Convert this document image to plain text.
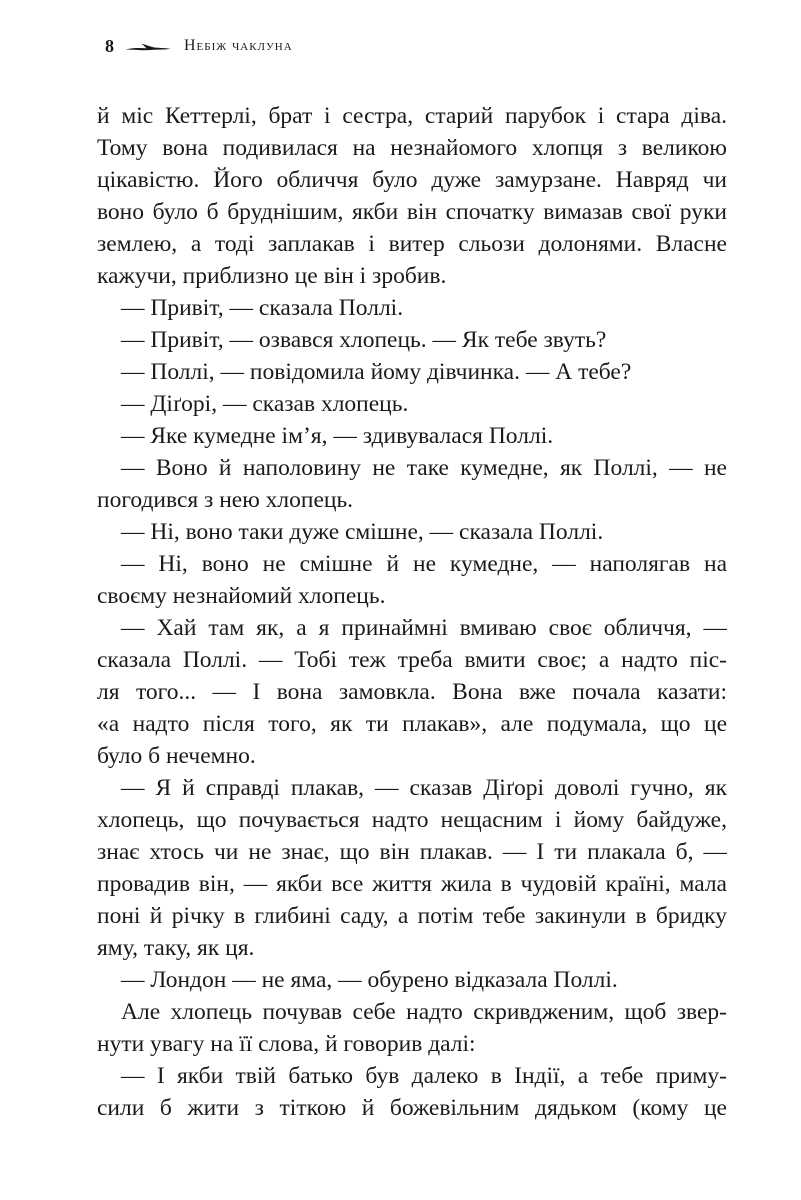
8	Небіж чаклуна
й міс Кеттерлі, брат і сестра, старий парубок і стара діва.
Тому вона подивилася на незнайомого хлопця з великою
цікавістю. Його обличчя було дуже замурзане. Навряд чи
воно було б бруднішим, якби він спочатку вимазав свої руки
землею, а тоді заплакав і витер сльози долонями. Власне
кажучи, приблизно це він і зробив.
— Привіт, — сказала Поллі.
— Привіт, — озвався хлопець. — Як тебе звуть?
— Поллі, — повідомила йому дівчинка. — А тебе?
— Діґорі, — сказав хлопець.
— Яке кумедне ім’я, — здивувалася Поллі.
— Воно й наполовину не таке кумедне, як Поллі, — не
погодився з нею хлопець.
— Ні, воно таки дуже смішне, — сказала Поллі.
— Ні, воно не смішне й не кумедне, — наполягав на
своєму незнайомий хлопець.
— Хай там як, а я принаймні вмиваю своє обличчя, —
сказала Поллі. — Тобі теж треба вмити своє; а надто піс-
ля того... — І вона замовкла. Вона вже почала казати:
«а надто після того, як ти плакав», але подумала, що це
було б нечемно.
— Я й справді плакав, — сказав Діґорі доволі гучно, як
хлопець, що почувається надто нещасним і йому байдуже,
знає хтось чи не знає, що він плакав. — І ти плакала б, —
провадив він, — якби все життя жила в чудовій країні, мала
поні й річку в глибині саду, а потім тебе закинули в бридку
яму, таку, як ця.
— Лондон — не яма, — обурено відказала Поллі.
Але хлопець почував себе надто скривдженим, щоб звер-
нути увагу на її слова, й говорив далі:
— І якби твій батько був далеко в Індії, а тебе приму-
сили б жити з тіткою й божевільним дядьком (кому це
